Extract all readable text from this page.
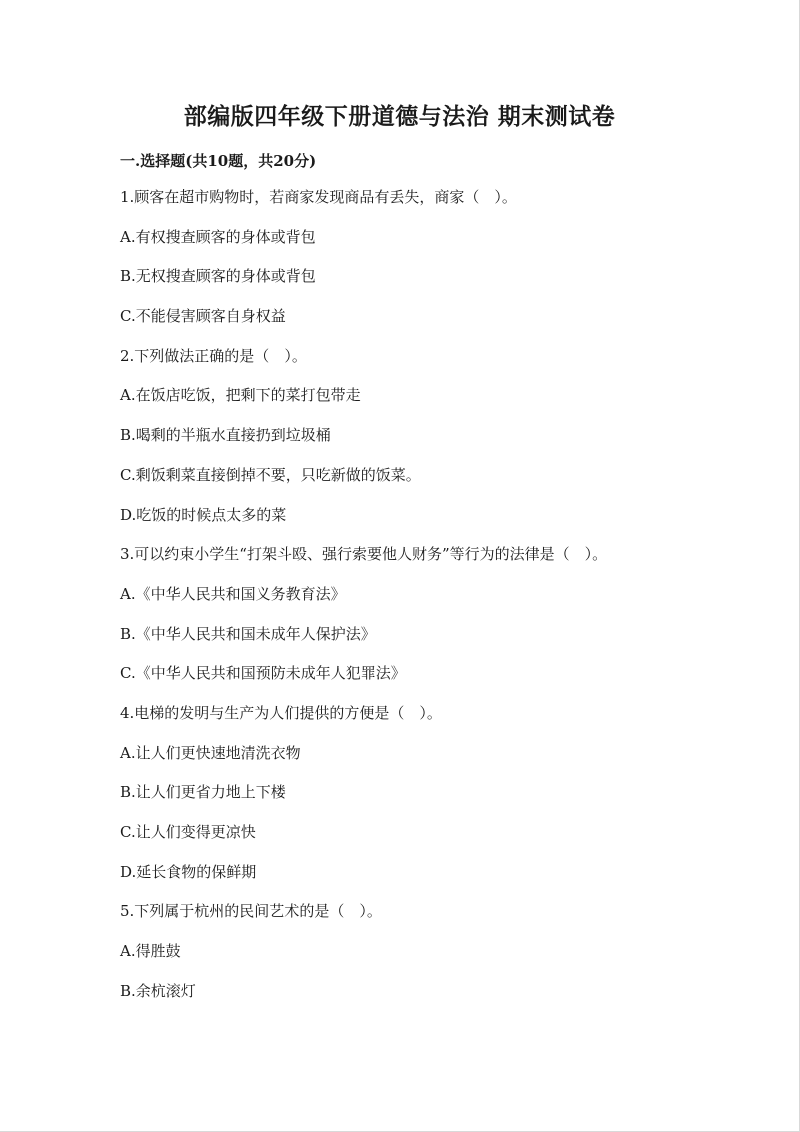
部编版四年级下册道德与法治 期末测试卷
一.选择题(共10题，共20分)
1.顾客在超市购物时，若商家发现商品有丢失，商家（　）。
A.有权搜查顾客的身体或背包
B.无权搜查顾客的身体或背包
C.不能侵害顾客自身权益
2.下列做法正确的是（　）。
A.在饭店吃饭，把剩下的菜打包带走
B.喝剩的半瓶水直接扔到垃圾桶
C.剩饭剩菜直接倒掉不要，只吃新做的饭菜。
D.吃饭的时候点太多的菜
3.可以约束小学生“打架斗殴、强行索要他人财务”等行为的法律是（　）。
A.《中华人民共和国义务教育法》
B.《中华人民共和国未成年人保护法》
C.《中华人民共和国预防未成年人犯罪法》
4.电梯的发明与生产为人们提供的方便是（　）。
A.让人们更快速地清洗衣物
B.让人们更省力地上下楼
C.让人们变得更凉快
D.延长食物的保鲜期
5.下列属于杭州的民间艺术的是（　）。
A.得胜鼓
B.余杭滚灯
